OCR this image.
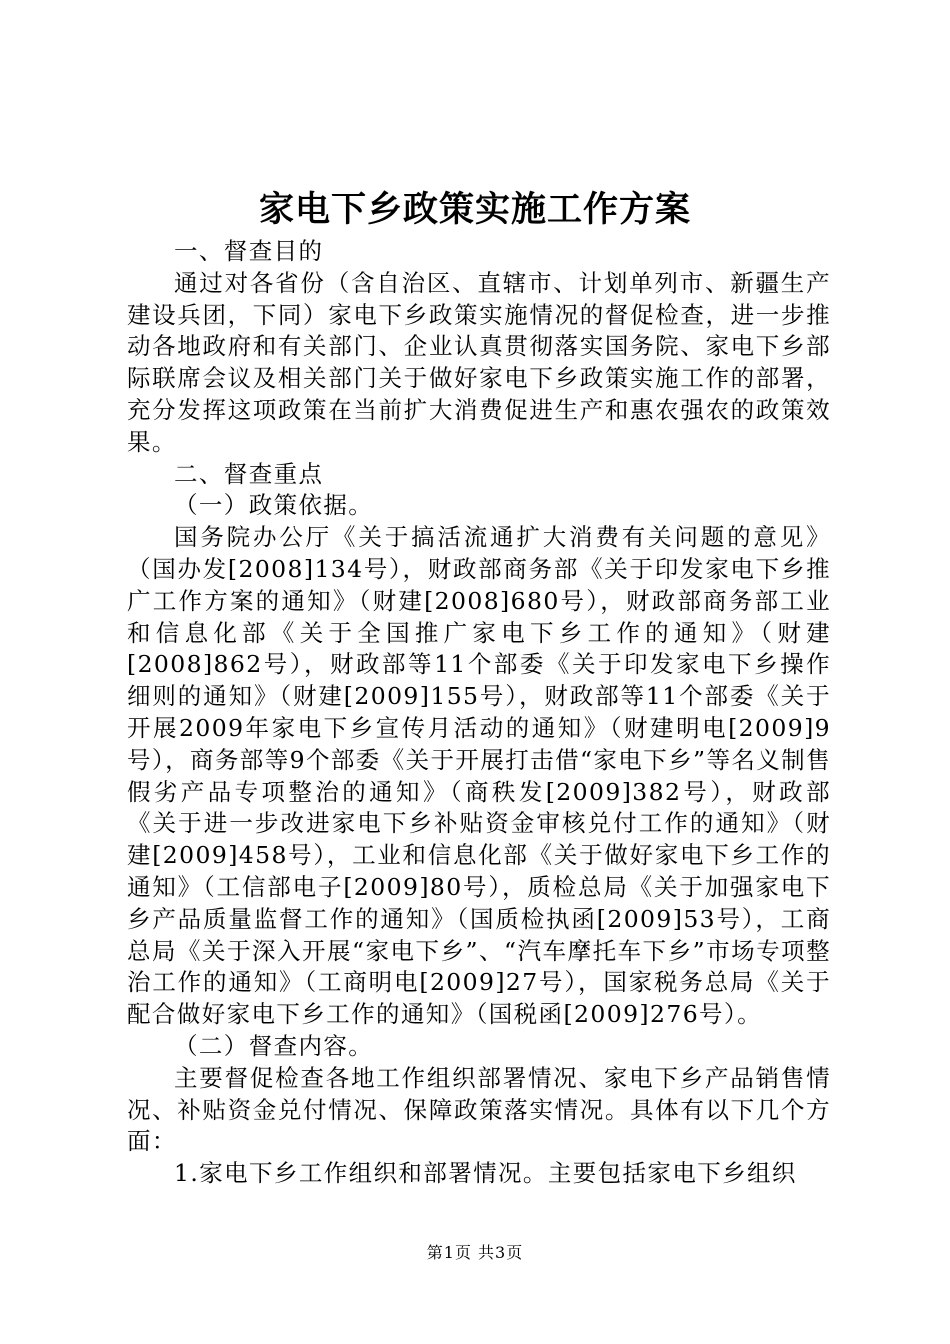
家电下乡政策实施工作方案

一、督查目的

通过对各省份（含自治区、直辖市、计划单列市、新疆生产建设兵团，下同）家电下乡政策实施情况的督促检查，进一步推动各地政府和有关部门、企业认真贯彻落实国务院、家电下乡部际联席会议及相关部门关于做好家电下乡政策实施工作的部署，充分发挥这项政策在当前扩大消费促进生产和惠农强农的政策效果。

二、督查重点

（一）政策依据。

国务院办公厅《关于搞活流通扩大消费有关问题的意见》（国办发[2008]134号），财政部商务部《关于印发家电下乡推广工作方案的通知》（财建[2008]680号），财政部商务部工业和信息化部《关于全国推广家电下乡工作的通知》（财建[2008]862号），财政部等11个部委《关于印发家电下乡操作细则的通知》（财建[2009]155号），财政部等11个部委《关于开展2009年家电下乡宣传月活动的通知》（财建明电[2009]9号），商务部等9个部委《关于开展打击借“家电下乡”等名义制售假劣产品专项整治的通知》（商秩发[2009]382号），财政部《关于进一步改进家电下乡补贴资金审核兑付工作的通知》（财建[2009]458号），工业和信息化部《关于做好家电下乡工作的通知》（工信部电子[2009]80号），质检总局《关于加强家电下乡产品质量监督工作的通知》（国质检执函[2009]53号），工商总局《关于深入开展“家电下乡”、“汽车摩托车下乡”市场专项整治工作的通知》（工商明电[2009]27号），国家税务总局《关于配合做好家电下乡工作的通知》（国税函[2009]276号）。

（二）督查内容。

主要督促检查各地工作组织部署情况、家电下乡产品销售情况、补贴资金兑付情况、保障政策落实情况。具体有以下几个方面：

1.家电下乡工作组织和部署情况。主要包括家电下乡组织

第1页 共3页
